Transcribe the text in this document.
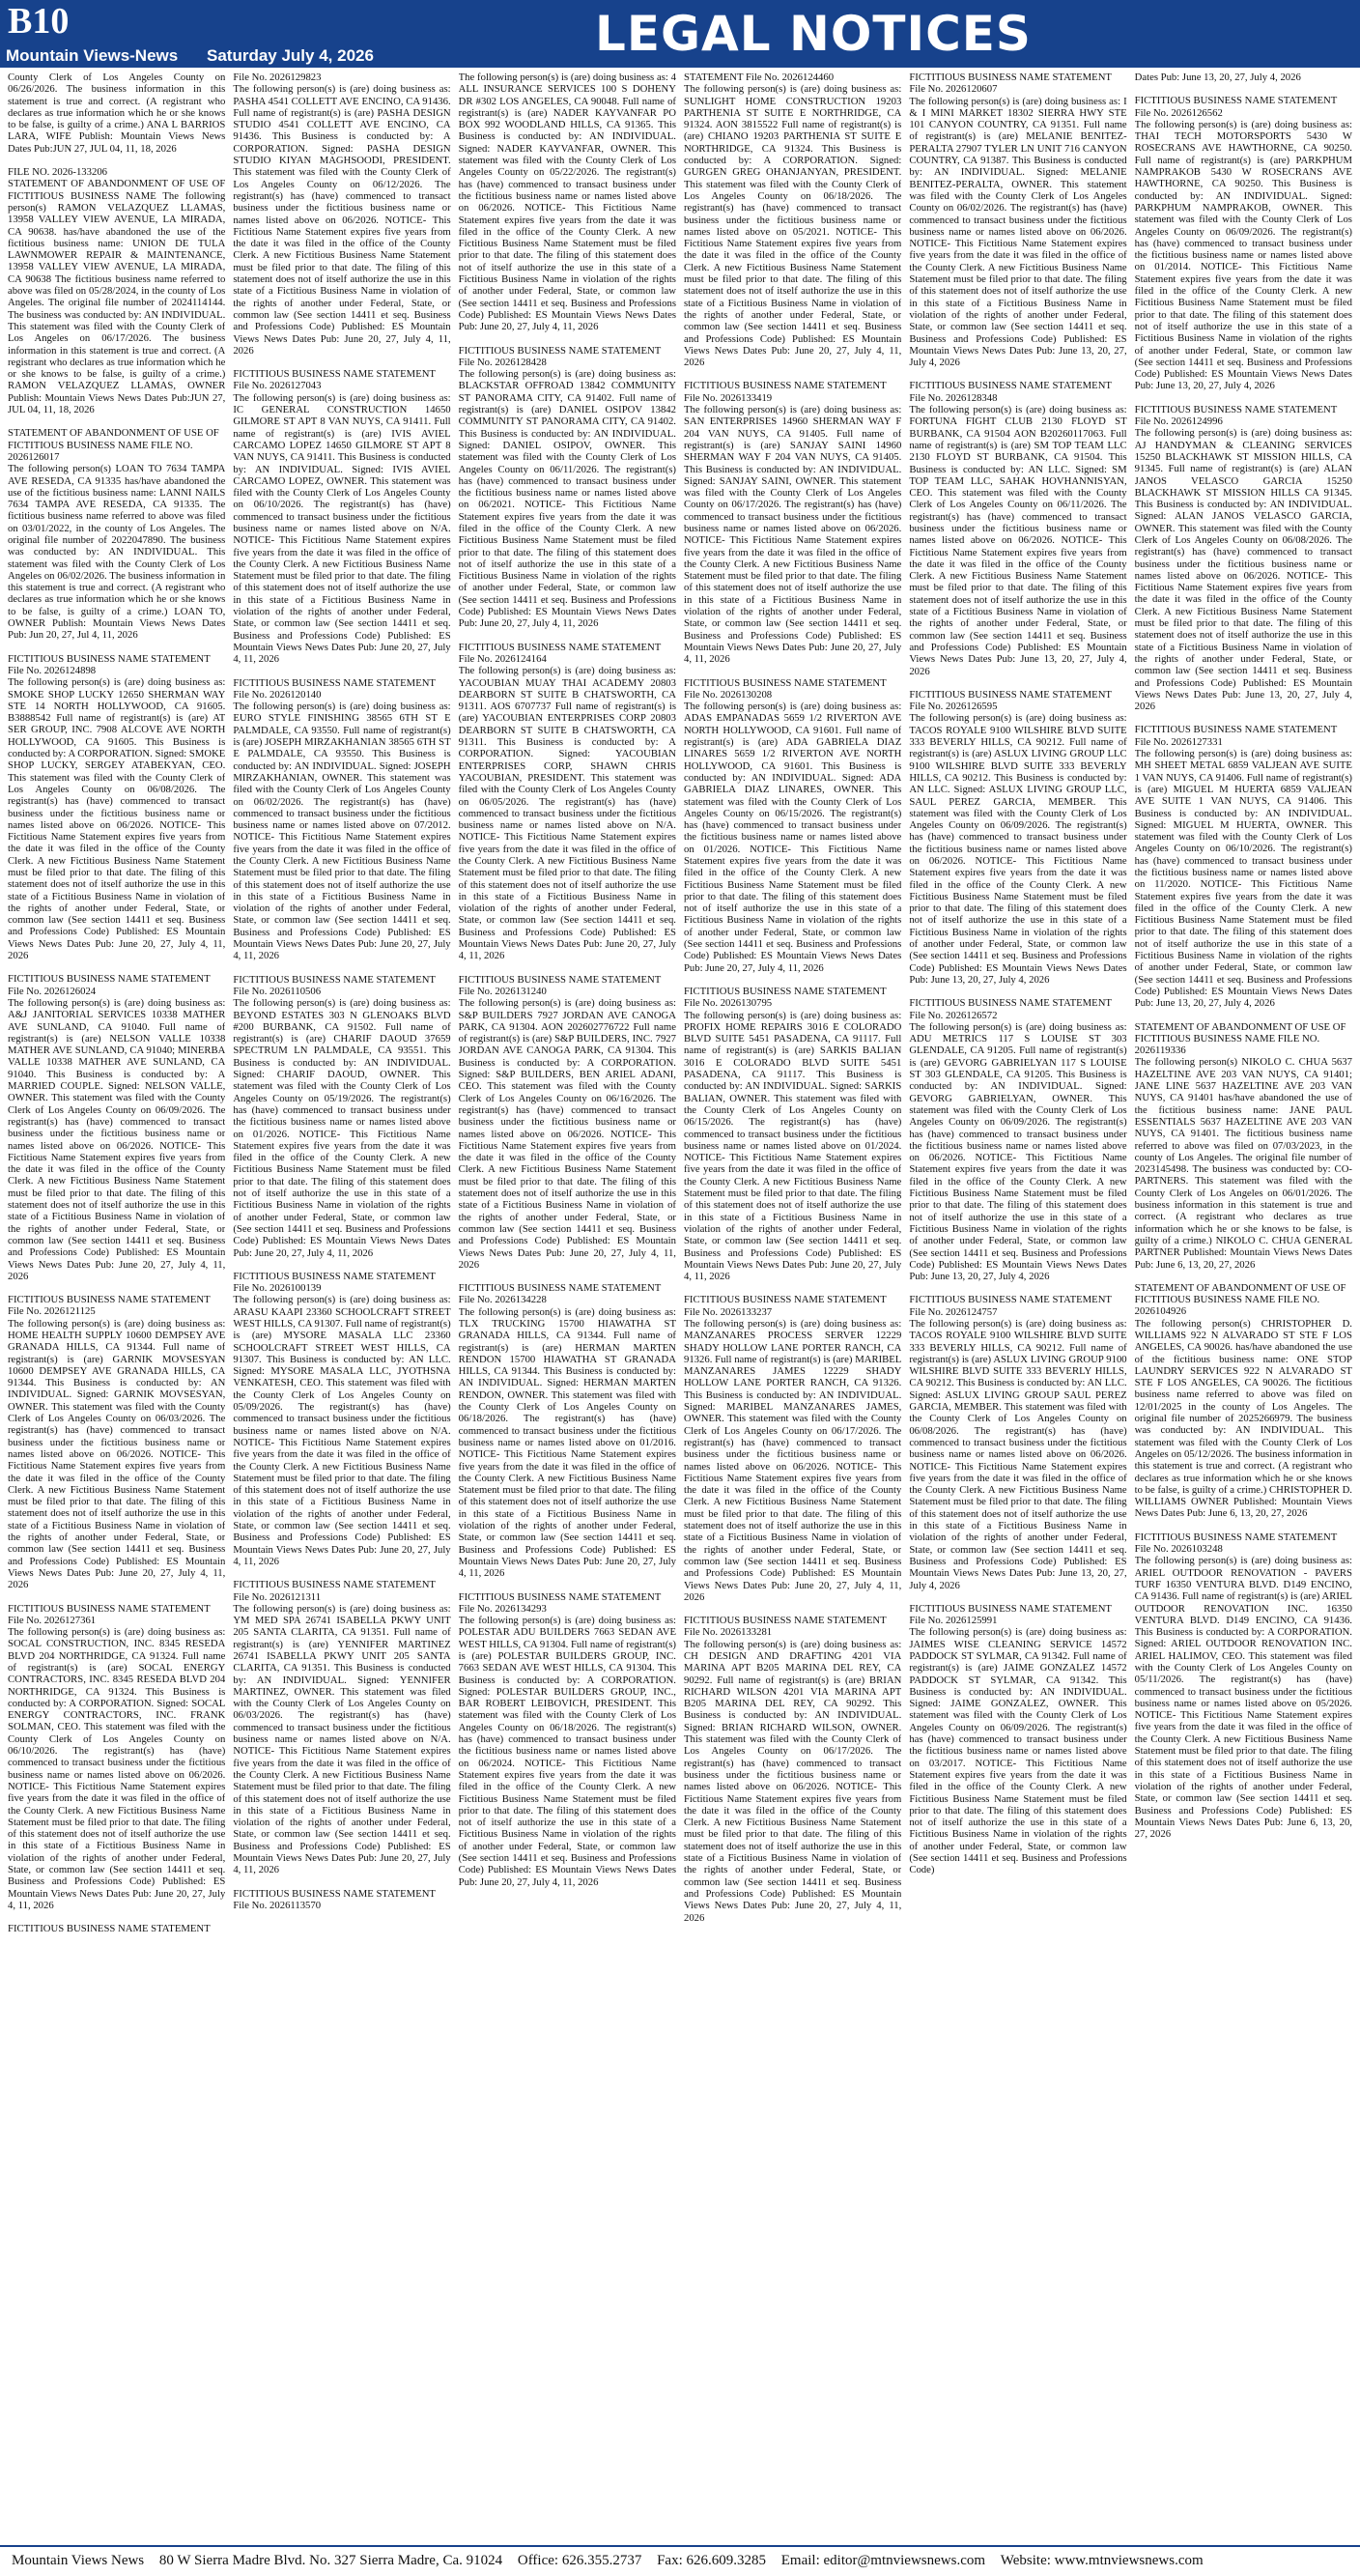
B10
Mountain Views-News Saturday July 4, 2026	LEGAL NOTICES
County Clerk of Los Angeles County on 06/26/2026. The business information in this statement is true and correct. (A registrant who declares as true information which he or she knows to be false, is guilty of a crime.) ANA L BARRIOS LARA, WIFE Publish: Mountain Views News Dates Pub:JUN 27, JUL 04, 11, 18, 2026
FILE NO. 2026-133206
STATEMENT OF ABANDONMENT OF USE OF FICTITIOUS BUSINESS NAME The following person(s) RAMON VELAZQUEZ LLAMAS, 13958 VALLEY VIEW AVENUE, LA MIRADA, CA 90638. has/have abandoned the use of the fictitious business name: UNION DE TULA LAWNMOWER REPAIR & MAINTENANCE, 13958 VALLEY VIEW AVENUE, LA MIRADA, CA 90638 The fictitious business name referred to above was filed on 05/28/2024, in the county of Los Angeles. The original file number of 2024114144. The business was conducted by: AN INDIVIDUAL. This statement was filed with the County Clerk of Los Angeles on 06/17/2026. The business information in this statement is true and correct. (A registrant who declares as true information which he or she knows to be false, is guilty of a crime.) RAMON VELAZQUEZ LLAMAS, OWNER Publish: Mountain Views News Dates Pub:JUN 27, JUL 04, 11, 18, 2026
STATEMENT OF ABANDONMENT OF USE OF FICTITIOUS BUSINESS NAME FILE NO. 2026126017
The following person(s) LOAN TO 7634 TAMPA AVE RESEDA, CA 91335 has/have abandoned the use of the fictitious business name: LANNI NAILS 7634 TAMPA AVE RESEDA, CA 91335. The fictitious business name referred to above was filed on 03/01/2022, in the county of Los Angeles. The original file number of 2022047890. The business was conducted by: AN INDIVIDUAL. This statement was filed with the County Clerk of Los Angeles on 06/02/2026. The business information in this statement is true and correct. (A registrant who declares as true information which he or she knows to be false, is guilty of a crime.) LOAN TO, OWNER Publish: Mountain Views News Dates Pub: Jun 20, 27, Jul 4, 11, 2026
FICTITIOUS BUSINESS NAME STATEMENT File No. 2026124898
The following person(s) is (are) doing business as: SMOKE SHOP LUCKY 12650 SHERMAN WAY STE 14 NORTH HOLLYWOOD, CA 91605. B3888542 Full name of registrant(s) is (are) AT SER GROUP, INC. 7908 ALCOVE AVE NORTH HOLLYWOOD, CA 91605. This Business is conducted by: A CORPORATION. Signed: SMOKE SHOP LUCKY, SERGEY ATABEKYAN, CEO. This statement was filed with the County Clerk of Los Angeles County on 06/08/2026. The registrant(s) has (have) commenced to transact business under the fictitious business name or names listed above on 06/2026. NOTICE- This Fictitious Name Statement expires five years from the date it was filed in the office of the County Clerk. A new Fictitious Business Name Statement must be filed prior to that date. The filing of this statement does not of itself authorize the use in this state of a Fictitious Business Name in violation of the rights of another under Federal, State, or common law (See section 14411 et seq. Business and Professions Code) Published: ES Mountain Views News Dates Pub: June 20, 27, July 4, 11, 2026
FICTITIOUS BUSINESS NAME STATEMENT File No. 2026126024
The following person(s) is (are) doing business as: A&J JANITORIAL SERVICES 10338 MATHER AVE SUNLAND, CA 91040. Full name of registrant(s) is (are) NELSON VALLE 10338 MATHER AVE SUNLAND, CA 91040; MINERBA VALLE 10338 MATHER AVE SUNLAND, CA 91040. This Business is conducted by: A MARRIED COUPLE. Signed: NELSON VALLE, OWNER. This statement was filed with the County Clerk of Los Angeles County on 06/09/2026. The registrant(s) has (have) commenced to transact business under the fictitious business name or names listed above on 06/2026. NOTICE- This Fictitious Name Statement expires five years from the date it was filed in the office of the County Clerk. A new Fictitious Business Name Statement must be filed prior to that date. The filing of this statement does not of itself authorize the use in this state of a Fictitious Business Name in violation of the rights of another under Federal, State, or common law (See section 14411 et seq. Business and Professions Code) Published: ES Mountain Views News Dates Pub: June 20, 27, July 4, 11, 2026
FICTITIOUS BUSINESS NAME STATEMENT File No. 2026121125
The following person(s) is (are) doing business as: HOME HEALTH SUPPLY 10600 DEMPSEY AVE GRANADA HILLS, CA 91344. Full name of registrant(s) is (are) GARNIK MOVSESYAN 10600 DEMPSEY AVE GRANADA HILLS, CA 91344. This Business is conducted by: AN INDIVIDUAL. Signed: GARNIK MOVSESYAN, OWNER. This statement was filed with the County Clerk of Los Angeles County on 06/03/2026. The registrant(s) has (have) commenced to transact business under the fictitious business name or names listed above on 06/2026. NOTICE- This Fictitious Name Statement expires five years from the date it was filed in the office of the County Clerk. A new Fictitious Business Name Statement must be filed prior to that date. The filing of this statement does not of itself authorize the use in this state of a Fictitious Business Name in violation of the rights of another under Federal, State, or common law (See section 14411 et seq. Business and Professions Code) Published: ES Mountain Views News Dates Pub: June 20, 27, July 4, 11, 2026
FICTITIOUS BUSINESS NAME STATEMENT File No. 2026127361
The following person(s) is (are) doing business as: SOCAL CONSTRUCTION, INC. 8345 RESEDA BLVD 204 NORTHRIDGE, CA 91324. Full name of registrant(s) is (are) SOCAL ENERGY CONTRACTORS, INC. 8345 RESEDA BLVD 204 NORTHRIDGE, CA 91324. This Business is conducted by: A CORPORATION. Signed: SOCAL ENERGY CONTRACTORS, INC. FRANK SOLMAN, CEO. This statement was filed with the County Clerk of Los Angeles County on 06/10/2026. The registrant(s) has (have) commenced to transact business under the fictitious business name or names listed above on 06/2026. NOTICE- This Fictitious Name Statement expires five years from the date it was filed in the office of the County Clerk. A new Fictitious Business Name Statement must be filed prior to that date. The filing of this statement does not of itself authorize the use in this state of a Fictitious Business Name in violation of the rights of another under Federal, State, or common law (See section 14411 et seq. Business and Professions Code) Published: ES Mountain Views News Dates Pub: June 20, 27, July 4, 11, 2026
FICTITIOUS BUSINESS NAME STATEMENT
File No. 2026129823
The following person(s) is (are) doing business as: PASHA 4541 COLLETT AVE ENCINO, CA 91436. Full name of registrant(s) is (are) PASHA DESIGN STUDIO 4541 COLLETT AVE ENCINO, CA 91436. This Business is conducted by: A CORPORATION. Signed: PASHA DESIGN STUDIO KIYAN MAGHSOODI, PRESIDENT. This statement was filed with the County Clerk of Los Angeles County on 06/12/2026. The registrant(s) has (have) commenced to transact business under the fictitious business name or names listed above on 06/2026. NOTICE- This Fictitious Name Statement expires five years from the date it was filed in the office of the County Clerk. A new Fictitious Business Name Statement must be filed prior to that date. The filing of this statement does not of itself authorize the use in this state of a Fictitious Business Name in violation of the rights of another under Federal, State, or common law (See section 14411 et seq. Business and Professions Code) Published: ES Mountain Views News Dates Pub: June 20, 27, July 4, 11, 2026
FICTITIOUS BUSINESS NAME STATEMENT File No. 2026127043
The following person(s) is (are) doing business as: IC GENERAL CONSTRUCTION 14650 GILMORE ST APT 8 VAN NUYS, CA 91411. Full name of registrant(s) is (are) IVIS AVIEL CARCAMO LOPEZ 14650 GILMORE ST APT 8 VAN NUYS, CA 91411. This Business is conducted by: AN INDIVIDUAL. Signed: IVIS AVIEL CARCAMO LOPEZ, OWNER. This statement was filed with the County Clerk of Los Angeles County on 06/10/2026. The registrant(s) has (have) commenced to transact business under the fictitious business name or names listed above on N/A. NOTICE- This Fictitious Name Statement expires five years from the date it was filed in the office of the County Clerk. A new Fictitious Business Name Statement must be filed prior to that date. The filing of this statement does not of itself authorize the use in this state of a Fictitious Business Name in violation of the rights of another under Federal, State, or common law (See section 14411 et seq. Business and Professions Code) Published: ES Mountain Views News Dates Pub: June 20, 27, July 4, 11, 2026
FICTITIOUS BUSINESS NAME STATEMENT File No. 2026120140
The following person(s) is (are) doing business as: EURO STYLE FINISHING 38565 6TH ST E PALMDALE, CA 93550. Full name of registrant(s) is (are) JOSEPH MIRZAKHANIAN 38565 6TH ST E PALMDALE, CA 93550. This Business is conducted by: AN INDIVIDUAL. Signed: JOSEPH MIRZAKHANIAN, OWNER. This statement was filed with the County Clerk of Los Angeles County on 06/02/2026. The registrant(s) has (have) commenced to transact business under the fictitious business name or names listed above on 07/2012. NOTICE- This Fictitious Name Statement expires five years from the date it was filed in the office of the County Clerk. A new Fictitious Business Name Statement must be filed prior to that date. The filing of this statement does not of itself authorize the use in this state of a Fictitious Business Name in violation of the rights of another under Federal, State, or common law (See section 14411 et seq. Business and Professions Code) Published: ES Mountain Views News Dates Pub: June 20, 27, July 4, 11, 2026
FICTITIOUS BUSINESS NAME STATEMENT File No. 2026110506
The following person(s) is (are) doing business as: BEYOND ESTATES 303 N GLENOAKS BLVD #200 BURBANK, CA 91502. Full name of registrant(s) is (are) CHARIF DAOUD 37659 SPECTRUM LN PALMDALE, CA 93551. This Business is conducted by: AN INDIVIDUAL. Signed: CHARIF DAOUD, OWNER. This statement was filed with the County Clerk of Los Angeles County on 05/19/2026. The registrant(s) has (have) commenced to transact business under the fictitious business name or names listed above on 01/2026. NOTICE- This Fictitious Name Statement expires five years from the date it was filed in the office of the County Clerk. A new Fictitious Business Name Statement must be filed prior to that date. The filing of this statement does not of itself authorize the use in this state of a Fictitious Business Name in violation of the rights of another under Federal, State, or common law (See section 14411 et seq. Business and Professions Code) Published: ES Mountain Views News Dates Pub: June 20, 27, July 4, 11, 2026
FICTITIOUS BUSINESS NAME STATEMENT File No. 2026100139
The following person(s) is (are) doing business as: ARASU KAAPI 23360 SCHOOLCRAFT STREET WEST HILLS, CA 91307. Full name of registrant(s) is (are) MYSORE MASALA LLC 23360 SCHOOLCRAFT STREET WEST HILLS, CA 91307. This Business is conducted by: AN LLC. Signed: MYSORE MASALA LLC, JYOTHSNA VENKATESH, CEO. This statement was filed with the County Clerk of Los Angeles County on 05/09/2026. The registrant(s) has (have) commenced to transact business under the fictitious business name or names listed above on N/A. NOTICE- This Fictitious Name Statement expires five years from the date it was filed in the office of the County Clerk. A new Fictitious Business Name Statement must be filed prior to that date. The filing of this statement does not of itself authorize the use in this state of a Fictitious Business Name in violation of the rights of another under Federal, State, or common law (See section 14411 et seq. Business and Professions Code) Published: ES Mountain Views News Dates Pub: June 20, 27, July 4, 11, 2026
FICTITIOUS BUSINESS NAME STATEMENT File No. 2026121311
The following person(s) is (are) doing business as: YM MED SPA 26741 ISABELLA PKWY UNIT 205 SANTA CLARITA, CA 91351. Full name of registrant(s) is (are) YENNIFER MARTINEZ 26741 ISABELLA PKWY UNIT 205 SANTA CLARITA, CA 91351. This Business is conducted by: AN INDIVIDUAL. Signed: YENNIFER MARTINEZ, OWNER. This statement was filed with the County Clerk of Los Angeles County on 06/03/2026. The registrant(s) has (have) commenced to transact business under the fictitious business name or names listed above on N/A. NOTICE- This Fictitious Name Statement expires five years from the date it was filed in the office of the County Clerk. A new Fictitious Business Name Statement must be filed prior to that date. The filing of this statement does not of itself authorize the use in this state of a Fictitious Business Name in violation of the rights of another under Federal, State, or common law (See section 14411 et seq. Business and Professions Code) Published: ES Mountain Views News Dates Pub: June 20, 27, July 4, 11, 2026
FICTITIOUS BUSINESS NAME STATEMENT File No. 2026113570
The following person(s) is (are) doing business as: 4 ALL INSURANCE SERVICES 100 S DOHENY DR #302 LOS ANGELES, CA 90048. Full name of registrant(s) is (are) NADER KAYVANFAR PO BOX 992 WOODLAND HILLS, CA 91365. This Business is conducted by: AN INDIVIDUAL. Signed: NADER KAYVANFAR, OWNER. This statement was filed with the County Clerk of Los Angeles County on 05/22/2026. The registrant(s) has (have) commenced to transact business under the fictitious business name or names listed above on 06/2026. NOTICE- This Fictitious Name Statement expires five years from the date it was filed in the office of the County Clerk. A new Fictitious Business Name Statement must be filed prior to that date. The filing of this statement does not of itself authorize the use in this state of a Fictitious Business Name in violation of the rights of another under Federal, State, or common law (See section 14411 et seq. Business and Professions Code) Published: ES Mountain Views News Dates Pub: June 20, 27, July 4, 11, 2026
FICTITIOUS BUSINESS NAME STATEMENT File No. 2026128428
The following person(s) is (are) doing business as: BLACKSTAR OFFROAD 13842 COMMUNITY ST PANORAMA CITY, CA 91402. Full name of registrant(s) is (are) DANIEL OSIPOV 13842 COMMUNITY ST PANORAMA CITY, CA 91402. This Business is conducted by: AN INDIVIDUAL. Signed: DANIEL OSIPOV, OWNER. This statement was filed with the County Clerk of Los Angeles County on 06/11/2026. The registrant(s) has (have) commenced to transact business under the fictitious business name or names listed above on 06/2021. NOTICE- This Fictitious Name Statement expires five years from the date it was filed in the office of the County Clerk. A new Fictitious Business Name Statement must be filed prior to that date. The filing of this statement does not of itself authorize the use in this state of a Fictitious Business Name in violation of the rights of another under Federal, State, or common law (See section 14411 et seq. Business and Professions Code) Published: ES Mountain Views News Dates Pub: June 20, 27, July 4, 11, 2026
FICTITIOUS BUSINESS NAME STATEMENT File No. 2026124164
The following person(s) is (are) doing business as: YACOUBIAN MUAY THAI ACADEMY 20803 DEARBORN ST SUITE B CHATSWORTH, CA 91311. AOS 6707737 Full name of registrant(s) is (are) YACOUBIAN ENTERPRISES CORP 20803 DEARBORN ST SUITE B CHATSWORTH, CA 91311. This Business is conducted by: A CORPORATION. Signed: YACOUBIAN ENTERPRISES CORP, SHAWN CHRIS YACOUBIAN, PRESIDENT. This statement was filed with the County Clerk of Los Angeles County on 06/05/2026. The registrant(s) has (have) commenced to transact business under the fictitious business name or names listed above on N/A. NOTICE- This Fictitious Name Statement expires five years from the date it was filed in the office of the County Clerk. A new Fictitious Business Name Statement must be filed prior to that date. The filing of this statement does not of itself authorize the use in this state of a Fictitious Business Name in violation of the rights of another under Federal, State, or common law (See section 14411 et seq. Business and Professions Code) Published: ES Mountain Views News Dates Pub: June 20, 27, July 4, 11, 2026
FICTITIOUS BUSINESS NAME STATEMENT File No. 2026131240
The following person(s) is (are) doing business as: S&P BUILDERS 7927 JORDAN AVE CANOGA PARK, CA 91304. AON 202602776722 Full name of registrant(s) is (are) S&P BUILDERS, INC. 7927 JORDAN AVE CANOGA PARK, CA 91304. This Business is conducted by: A CORPORATION. Signed: S&P BUILDERS, BEN ARIEL ADANI, CEO. This statement was filed with the County Clerk of Los Angeles County on 06/16/2026. The registrant(s) has (have) commenced to transact business under the fictitious business name or names listed above on 06/2026. NOTICE- This Fictitious Name Statement expires five years from the date it was filed in the office of the County Clerk. A new Fictitious Business Name Statement must be filed prior to that date. The filing of this statement does not of itself authorize the use in this state of a Fictitious Business Name in violation of the rights of another under Federal, State, or common law (See section 14411 et seq. Business and Professions Code) Published: ES Mountain Views News Dates Pub: June 20, 27, July 4, 11, 2026
FICTITIOUS BUSINESS NAME STATEMENT File No. 2026134228
The following person(s) is (are) doing business as: TLX TRUCKING 15700 HIAWATHA ST GRANADA HILLS, CA 91344. Full name of registrant(s) is (are) HERMAN MARTEN RENDON 15700 HIAWATHA ST GRANADA HILLS, CA 91344. This Business is conducted by: AN INDIVIDUAL. Signed: HERMAN MARTEN RENDON, OWNER. This statement was filed with the County Clerk of Los Angeles County on 06/18/2026. The registrant(s) has (have) commenced to transact business under the fictitious business name or names listed above on 01/2016. NOTICE- This Fictitious Name Statement expires five years from the date it was filed in the office of the County Clerk. A new Fictitious Business Name Statement must be filed prior to that date. The filing of this statement does not of itself authorize the use in this state of a Fictitious Business Name in violation of the rights of another under Federal, State, or common law (See section 14411 et seq. Business and Professions Code) Published: ES Mountain Views News Dates Pub: June 20, 27, July 4, 11, 2026
FICTITIOUS BUSINESS NAME STATEMENT File No. 2026134293
The following person(s) is (are) doing business as: POLESTAR ADU BUILDERS 7663 SEDAN AVE WEST HILLS, CA 91304. Full name of registrant(s) is (are) POLESTAR BUILDERS GROUP, INC. 7663 SEDAN AVE WEST HILLS, CA 91304. This Business is conducted by: A CORPORATION. Signed: POLESTAR BUILDERS GROUP, INC., BAR ROBERT LEIBOVICH, PRESIDENT. This statement was filed with the County Clerk of Los Angeles County on 06/18/2026. The registrant(s) has (have) commenced to transact business under the fictitious business name or names listed above on 06/2024. NOTICE- This Fictitious Name Statement expires five years from the date it was filed in the office of the County Clerk. A new Fictitious Business Name Statement must be filed prior to that date. The filing of this statement does not of itself authorize the use in this state of a Fictitious Business Name in violation of the rights of another under Federal, State, or common law (See section 14411 et seq. Business and Professions Code) Published: ES Mountain Views News Dates Pub: June 20, 27, July 4, 11, 2026
STATEMENT File No. 2026124460
The following person(s) is (are) doing business as: SUNLIGHT HOME CONSTRUCTION 19203 PARTHENIA ST SUITE E NORTHRIDGE, CA 91324. AON 3815522 Full name of registrant(s) is (are) CHIANO 19203 PARTHENIA ST SUITE E NORTHRIDGE, CA 91324. This Business is conducted by: A CORPORATION. Signed: GURGEN GREG OHANJANYAN, PRESIDENT. This statement was filed with the County Clerk of Los Angeles County on 06/18/2026. The registrant(s) has (have) commenced to transact business under the fictitious business name or names listed above on 05/2021. NOTICE- This Fictitious Name Statement expires five years from the date it was filed in the office of the County Clerk. A new Fictitious Business Name Statement must be filed prior to that date. The filing of this statement does not of itself authorize the use in this state of a Fictitious Business Name in violation of the rights of another under Federal, State, or common law (See section 14411 et seq. Business and Professions Code) Published: ES Mountain Views News Dates Pub: June 20, 27, July 4, 11, 2026
FICTITIOUS BUSINESS NAME STATEMENT File No. 2026133419
The following person(s) is (are) doing business as: SAN ENTERPRISES 14960 SHERMAN WAY F 204 VAN NUYS, CA 91405. Full name of registrant(s) is (are) SANJAY SAINI 14960 SHERMAN WAY F 204 VAN NUYS, CA 91405. This Business is conducted by: AN INDIVIDUAL. Signed: SANJAY SAINI, OWNER. This statement was filed with the County Clerk of Los Angeles County on 06/17/2026. The registrant(s) has (have) commenced to transact business under the fictitious business name or names listed above on 06/2026. NOTICE- This Fictitious Name Statement expires five years from the date it was filed in the office of the County Clerk. A new Fictitious Business Name Statement must be filed prior to that date. The filing of this statement does not of itself authorize the use in this state of a Fictitious Business Name in violation of the rights of another under Federal, State, or common law (See section 14411 et seq. Business and Professions Code) Published: ES Mountain Views News Dates Pub: June 20, 27, July 4, 11, 2026
FICTITIOUS BUSINESS NAME STATEMENT File No. 2026130208
The following person(s) is (are) doing business as: ADAS EMPANADAS 5659 1/2 RIVERTON AVE NORTH HOLLYWOOD, CA 91601. Full name of registrant(s) is (are) ADA GABRIELA DIAZ LINARES 5659 1/2 RIVERTON AVE NORTH HOLLYWOOD, CA 91601. This Business is conducted by: AN INDIVIDUAL. Signed: ADA GABRIELA DIAZ LINARES, OWNER. This statement was filed with the County Clerk of Los Angeles County on 06/15/2026. The registrant(s) has (have) commenced to transact business under the fictitious business name or names listed above on 01/2026. NOTICE- This Fictitious Name Statement expires five years from the date it was filed in the office of the County Clerk. A new Fictitious Business Name Statement must be filed prior to that date. The filing of this statement does not of itself authorize the use in this state of a Fictitious Business Name in violation of the rights of another under Federal, State, or common law (See section 14411 et seq. Business and Professions Code) Published: ES Mountain Views News Dates Pub: June 20, 27, July 4, 11, 2026
FICTITIOUS BUSINESS NAME STATEMENT File No. 2026130795
The following person(s) is (are) doing business as: PROFIX HOME REPAIRS 3016 E COLORADO BLVD SUITE 5451 PASADENA, CA 91117. Full name of registrant(s) is (are) SARKIS BALIAN 3016 E COLORADO BLVD SUITE 5451 PASADENA, CA 91117. This Business is conducted by: AN INDIVIDUAL. Signed: SARKIS BALIAN, OWNER. This statement was filed with the County Clerk of Los Angeles County on 06/15/2026. The registrant(s) has (have) commenced to transact business under the fictitious business name or names listed above on 01/2024. NOTICE- This Fictitious Name Statement expires five years from the date it was filed in the office of the County Clerk. A new Fictitious Business Name Statement must be filed prior to that date. The filing of this statement does not of itself authorize the use in this state of a Fictitious Business Name in violation of the rights of another under Federal, State, or common law (See section 14411 et seq. Business and Professions Code) Published: ES Mountain Views News Dates Pub: June 20, 27, July 4, 11, 2026
FICTITIOUS BUSINESS NAME STATEMENT File No. 2026133237
The following person(s) is (are) doing business as: MANZANARES PROCESS SERVER 12229 SHADY HOLLOW LANE PORTER RANCH, CA 91326. Full name of registrant(s) is (are) MARIBEL MANZANARES JAMES 12229 SHADY HOLLOW LANE PORTER RANCH, CA 91326. This Business is conducted by: AN INDIVIDUAL. Signed: MARIBEL MANZANARES JAMES, OWNER. This statement was filed with the County Clerk of Los Angeles County on 06/17/2026. The registrant(s) has (have) commenced to transact business under the fictitious business name or names listed above on 06/2026. NOTICE- This Fictitious Name Statement expires five years from the date it was filed in the office of the County Clerk. A new Fictitious Business Name Statement must be filed prior to that date. The filing of this statement does not of itself authorize the use in this state of a Fictitious Business Name in violation of the rights of another under Federal, State, or common law (See section 14411 et seq. Business and Professions Code) Published: ES Mountain Views News Dates Pub: June 20, 27, July 4, 11, 2026
FICTITIOUS BUSINESS NAME STATEMENT File No. 2026133281
The following person(s) is (are) doing business as: CH DESIGN AND DRAFTING 4201 VIA MARINA APT B205 MARINA DEL REY, CA 90292. Full name of registrant(s) is (are) BRIAN RICHARD WILSON 4201 VIA MARINA APT B205 MARINA DEL REY, CA 90292. This Business is conducted by: AN INDIVIDUAL. Signed: BRIAN RICHARD WILSON, OWNER. This statement was filed with the County Clerk of Los Angeles County on 06/17/2026. The registrant(s) has (have) commenced to transact business under the fictitious business name or names listed above on 06/2026. NOTICE- This Fictitious Name Statement expires five years from the date it was filed in the office of the County Clerk. A new Fictitious Business Name Statement must be filed prior to that date. The filing of this statement does not of itself authorize the use in this state of a Fictitious Business Name in violation of the rights of another under Federal, State, or common law (See section 14411 et seq. Business and Professions Code) Published: ES Mountain Views News Dates Pub: June 20, 27, July 4, 11, 2026
FICTITIOUS BUSINESS NAME STATEMENT File No. 2026120607
The following person(s) is (are) doing business as: I & I MINI MARKET 18302 SIERRA HWY STE 101 CANYON COUNTRY, CA 91351. Full name of registrant(s) is (are) MELANIE BENITEZ-PERALTA 27907 TYLER LN UNIT 716 CANYON COUNTRY, CA 91387. This Business is conducted by: AN INDIVIDUAL. Signed: MELANIE BENITEZ-PERALTA, OWNER. This statement was filed with the County Clerk of Los Angeles County on 06/02/2026. The registrant(s) has (have) commenced to transact business under the fictitious business name or names listed above on 06/2026. NOTICE- This Fictitious Name Statement expires five years from the date it was filed in the office of the County Clerk. A new Fictitious Business Name Statement must be filed prior to that date. The filing of this statement does not of itself authorize the use in this state of a Fictitious Business Name in violation of the rights of another under Federal, State, or common law (See section 14411 et seq. Business and Professions Code) Published: ES Mountain Views News Dates Pub: June 13, 20, 27, July 4, 2026
FICTITIOUS BUSINESS NAME STATEMENT File No. 2026128348
The following person(s) is (are) doing business as: FORTUNA FIGHT CLUB 2130 FLOYD ST BURBANK, CA 91504 AON B20260117063. Full name of registrant(s) is (are) SM TOP TEAM LLC 2130 FLOYD ST BURBANK, CA 91504. This Business is conducted by: AN LLC. Signed: SM TOP TEAM LLC, SAHAK HOVHANNISYAN, CEO. This statement was filed with the County Clerk of Los Angeles County on 06/11/2026. The registrant(s) has (have) commenced to transact business under the fictitious business name or names listed above on 06/2026. NOTICE- This Fictitious Name Statement expires five years from the date it was filed in the office of the County Clerk. A new Fictitious Business Name Statement must be filed prior to that date. The filing of this statement does not of itself authorize the use in this state of a Fictitious Business Name in violation of the rights of another under Federal, State, or common law (See section 14411 et seq. Business and Professions Code) Published: ES Mountain Views News Dates Pub: June 13, 20, 27, July 4, 2026
FICTITIOUS BUSINESS NAME STATEMENT File No. 2026126595
The following person(s) is (are) doing business as: TACOS ROYALE 9100 WILSHIRE BLVD SUITE 333 BEVERLY HILLS, CA 90212. Full name of registrant(s) is (are) ASLUX LIVING GROUP LLC 9100 WILSHIRE BLVD SUITE 333 BEVERLY HILLS, CA 90212. This Business is conducted by: AN LLC. Signed: ASLUX LIVING GROUP LLC, SAUL PEREZ GARCIA, MEMBER. This statement was filed with the County Clerk of Los Angeles County on 06/09/2026. The registrant(s) has (have) commenced to transact business under the fictitious business name or names listed above on 06/2026. NOTICE- This Fictitious Name Statement expires five years from the date it was filed in the office of the County Clerk. A new Fictitious Business Name Statement must be filed prior to that date. The filing of this statement does not of itself authorize the use in this state of a Fictitious Business Name in violation of the rights of another under Federal, State, or common law (See section 14411 et seq. Business and Professions Code) Published: ES Mountain Views News Dates Pub: June 13, 20, 27, July 4, 2026
FICTITIOUS BUSINESS NAME STATEMENT File No. 2026126572
The following person(s) is (are) doing business as: ADU METRICS 117 S LOUISE ST 303 GLENDALE, CA 91205. Full name of registrant(s) is (are) GEVORG GABRIELYAN 117 S LOUISE ST 303 GLENDALE, CA 91205. This Business is conducted by: AN INDIVIDUAL. Signed: GEVORG GABRIELYAN, OWNER. This statement was filed with the County Clerk of Los Angeles County on 06/09/2026. The registrant(s) has (have) commenced to transact business under the fictitious business name or names listed above on 06/2026. NOTICE- This Fictitious Name Statement expires five years from the date it was filed in the office of the County Clerk. A new Fictitious Business Name Statement must be filed prior to that date. The filing of this statement does not of itself authorize the use in this state of a Fictitious Business Name in violation of the rights of another under Federal, State, or common law (See section 14411 et seq. Business and Professions Code) Published: ES Mountain Views News Dates Pub: June 13, 20, 27, July 4, 2026
FICTITIOUS BUSINESS NAME STATEMENT File No. 2026124757
The following person(s) is (are) doing business as: TACOS ROYALE 9100 WILSHIRE BLVD SUITE 333 BEVERLY HILLS, CA 90212. Full name of registrant(s) is (are) ASLUX LIVING GROUP 9100 WILSHIRE BLVD SUITE 333 BEVERLY HILLS, CA 90212. This Business is conducted by: AN LLC. Signed: ASLUX LIVING GROUP SAUL PEREZ GARCIA, MEMBER. This statement was filed with the County Clerk of Los Angeles County on 06/08/2026. The registrant(s) has (have) commenced to transact business under the fictitious business name or names listed above on 06/2026. NOTICE- This Fictitious Name Statement expires five years from the date it was filed in the office of the County Clerk. A new Fictitious Business Name Statement must be filed prior to that date. The filing of this statement does not of itself authorize the use in this state of a Fictitious Business Name in violation of the rights of another under Federal, State, or common law (See section 14411 et seq. Business and Professions Code) Published: ES Mountain Views News Dates Pub: June 13, 20, 27, July 4, 2026
FICTITIOUS BUSINESS NAME STATEMENT File No. 2026125991
The following person(s) is (are) doing business as: JAIMES WISE CLEANING SERVICE 14572 PADDOCK ST SYLMAR, CA 91342. Full name of registrant(s) is (are) JAIME GONZALEZ 14572 PADDOCK ST SYLMAR, CA 91342. This Business is conducted by: AN INDIVIDUAL. Signed: JAIME GONZALEZ, OWNER. This statement was filed with the County Clerk of Los Angeles County on 06/09/2026. The registrant(s) has (have) commenced to transact business under the fictitious business name or names listed above on 03/2017. NOTICE- This Fictitious Name Statement expires five years from the date it was filed in the office of the County Clerk. A new Fictitious Business Name Statement must be filed prior to that date. The filing of this statement does not of itself authorize the use in this state of a Fictitious Business Name in violation of the rights of another under Federal, State, or common law (See section 14411 et seq. Business and Professions Code)
Dates Pub: June 13, 20, 27, July 4, 2026
FICTITIOUS BUSINESS NAME STATEMENT File No. 2026126562
The following person(s) is (are) doing business as: THAI TECH MOTORSPORTS 5430 W ROSECRANS AVE HAWTHORNE, CA 90250. Full name of registrant(s) is (are) PARKPHUM NAMPRAKOB 5430 W ROSECRANS AVE HAWTHORNE, CA 90250. This Business is conducted by: AN INDIVIDUAL. Signed: PARKPHUM NAMPRAKOB, OWNER. This statement was filed with the County Clerk of Los Angeles County on 06/09/2026. The registrant(s) has (have) commenced to transact business under the fictitious business name or names listed above on 01/2014. NOTICE- This Fictitious Name Statement expires five years from the date it was filed in the office of the County Clerk. A new Fictitious Business Name Statement must be filed prior to that date. The filing of this statement does not of itself authorize the use in this state of a Fictitious Business Name in violation of the rights of another under Federal, State, or common law (See section 14411 et seq. Business and Professions Code) Published: ES Mountain Views News Dates Pub: June 13, 20, 27, July 4, 2026
FICTITIOUS BUSINESS NAME STATEMENT File No. 2026124996
The following person(s) is (are) doing business as: AJ HANDYMAN & CLEANING SERVICES 15250 BLACKHAWK ST MISSION HILLS, CA 91345. Full name of registrant(s) is (are) ALAN JANOS VELASCO GARCIA 15250 BLACKHAWK ST MISSION HILLS CA 91345. This Business is conducted by: AN INDIVIDUAL. Signed: ALAN JANOS VELASCO GARCIA, OWNER. This statement was filed with the County Clerk of Los Angeles County on 06/08/2026. The registrant(s) has (have) commenced to transact business under the fictitious business name or names listed above on 06/2026. NOTICE- This Fictitious Name Statement expires five years from the date it was filed in the office of the County Clerk. A new Fictitious Business Name Statement must be filed prior to that date. The filing of this statement does not of itself authorize the use in this state of a Fictitious Business Name in violation of the rights of another under Federal, State, or common law (See section 14411 et seq. Business and Professions Code) Published: ES Mountain Views News Dates Pub: June 13, 20, 27, July 4, 2026
FICTITIOUS BUSINESS NAME STATEMENT File No. 2026127331
The following person(s) is (are) doing business as: MH SHEET METAL 6859 VALJEAN AVE SUITE 1 VAN NUYS, CA 91406. Full name of registrant(s) is (are) MIGUEL M HUERTA 6859 VALJEAN AVE SUITE 1 VAN NUYS, CA 91406. This Business is conducted by: AN INDIVIDUAL. Signed: MIGUEL M HUERTA, OWNER. This statement was filed with the County Clerk of Los Angeles County on 06/10/2026. The registrant(s) has (have) commenced to transact business under the fictitious business name or names listed above on 11/2020. NOTICE- This Fictitious Name Statement expires five years from the date it was filed in the office of the County Clerk. A new Fictitious Business Name Statement must be filed prior to that date. The filing of this statement does not of itself authorize the use in this state of a Fictitious Business Name in violation of the rights of another under Federal, State, or common law (See section 14411 et seq. Business and Professions Code) Published: ES Mountain Views News Dates Pub: June 13, 20, 27, July 4, 2026
STATEMENT OF ABANDONMENT OF USE OF FICTITIOUS BUSINESS NAME FILE NO. 2026119336
The following person(s) NIKOLO C. CHUA 5637 HAZELTINE AVE 203 VAN NUYS, CA 91401; JANE LINE 5637 HAZELTINE AVE 203 VAN NUYS, CA 91401 has/have abandoned the use of the fictitious business name: JANE PAUL ESSENTIALS 5637 HAZELTINE AVE 203 VAN NUYS, CA 91401. The fictitious business name referred to above was filed on 07/03/2023, in the county of Los Angeles. The original file number of 2023145498. The business was conducted by: CO-PARTNERS. This statement was filed with the County Clerk of Los Angeles on 06/01/2026. The business information in this statement is true and correct. (A registrant who declares as true information which he or she knows to be false, is guilty of a crime.) NIKOLO C. CHUA GENERAL PARTNER Published: Mountain Views News Dates Pub: June 6, 13, 20, 27, 2026
STATEMENT OF ABANDONMENT OF USE OF FICTITIOUS BUSINESS NAME FILE NO. 2026104926
The following person(s) CHRISTOPHER D. WILLIAMS 922 N ALVARADO ST STE F LOS ANGELES, CA 90026. has/have abandoned the use of the fictitious business name: ONE STOP LAUNDRY SERVICES 922 N ALVARADO ST STE F LOS ANGELES, CA 90026. The fictitious business name referred to above was filed on 12/01/2025 in the county of Los Angeles. The original file number of 2025266979. The business was conducted by: AN INDIVIDUAL. This statement was filed with the County Clerk of Los Angeles on 05/12/2026. The business information in this statement is true and correct. (A registrant who declares as true information which he or she knows to be false, is guilty of a crime.) CHRISTOPHER D. WILLIAMS OWNER Published: Mountain Views News Dates Pub: June 6, 13, 20, 27, 2026
FICTITIOUS BUSINESS NAME STATEMENT File No. 2026103248
The following person(s) is (are) doing business as: ARIEL OUTDOOR RENOVATION - PAVERS TURF 16350 VENTURA BLVD. D149 ENCINO, CA 91436. Full name of registrant(s) is (are) ARIEL OUTDOOR RENOVATION INC. 16350 VENTURA BLVD. D149 ENCINO, CA 91436. This Business is conducted by: A CORPORATION. Signed: ARIEL OUTDOOR RENOVATION INC. ARIEL HALIMOV, CEO. This statement was filed with the County Clerk of Los Angeles County on 05/11/2026. The registrant(s) has (have) commenced to transact business under the fictitious business name or names listed above on 05/2026. NOTICE- This Fictitious Name Statement expires five years from the date it was filed in the office of the County Clerk. A new Fictitious Business Name Statement must be filed prior to that date. The filing of this statement does not of itself authorize the use in this state of a Fictitious Business Name in violation of the rights of another under Federal, State, or common law (See section 14411 et seq. Business and Professions Code) Published: ES Mountain Views News Dates Pub: June 6, 13, 20, 27, 2026
Mountain Views News 80 W Sierra Madre Blvd. No. 327 Sierra Madre, Ca. 91024 Office: 626.355.2737 Fax: 626.609.3285 Email: editor@mtnviewsnews.com Website: www.mtnviewsnews.com
